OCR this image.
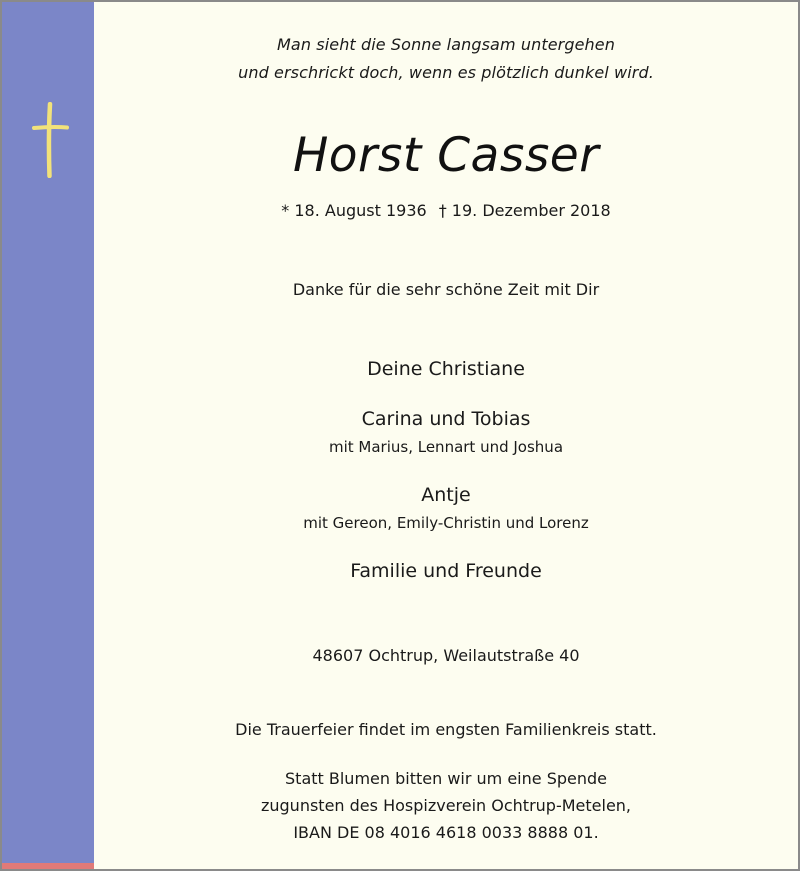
Man sieht die Sonne langsam untergehen
und erschrickt doch, wenn es plötzlich dunkel wird.
Horst Casser
* 18. August 1936 † 19. Dezember 2018
Danke für die sehr schöne Zeit mit Dir
Deine Christiane
Carina und Tobias
mit Marius, Lennart und Joshua
Antje
mit Gereon, Emily-Christin und Lorenz
Familie und Freunde
48607 Ochtrup, Weilautstraße 40
Die Trauerfeier findet im engsten Familienkreis statt.
Statt Blumen bitten wir um eine Spende
zugunsten des Hospizverein Ochtrup-Metelen,
IBAN DE 08 4016 4618 0033 8888 01.
